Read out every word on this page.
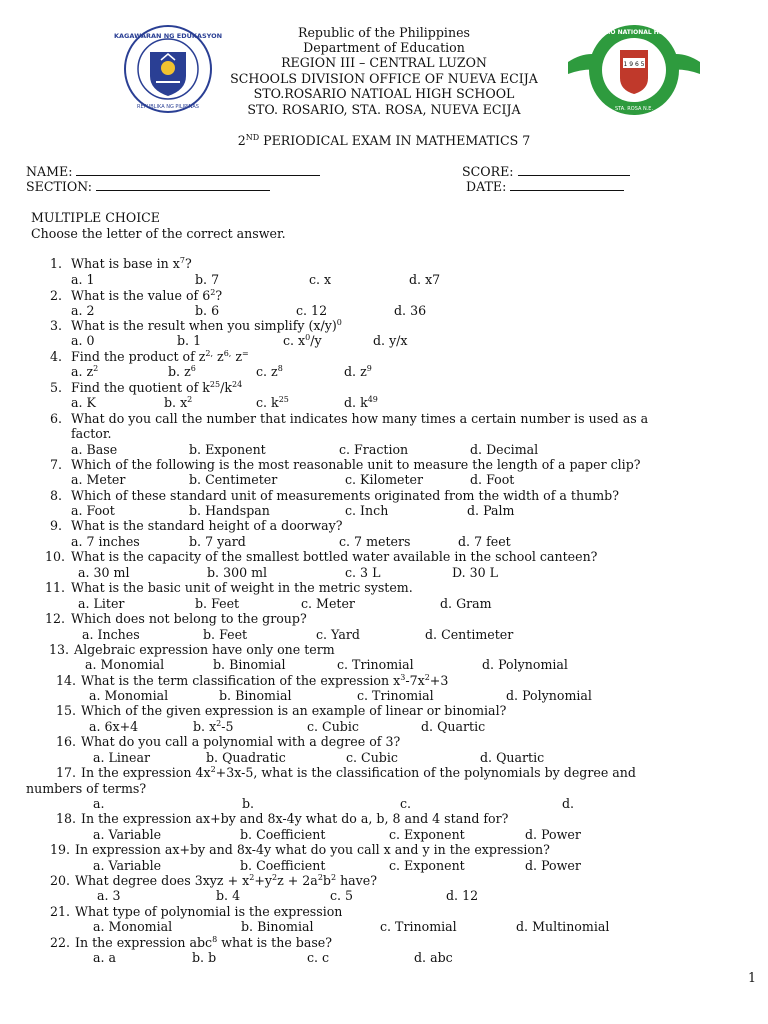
KAGAWARAN NG EDUKASYON
REPUBLIKA NG PILIPINAS
1 9 6 5
STO. ROSARIO NATIONAL HIGH SCHOOL
STA. ROSA N.E.
Republic of the Philippines
Department of Education
REGION III – CENTRAL LUZON
SCHOOLS DIVISION OFFICE OF NUEVA ECIJA
STO.ROSARIO NATIOAL HIGH SCHOOL
STO. ROSARIO, STA. ROSA, NUEVA ECIJA
2ND PERIODICAL EXAM IN MATHEMATICS 7
NAME:	SCORE:
SECTION:	DATE:
MULTIPLE CHOICE
Choose the letter of the correct answer.
1. What is base in $x^7$?
a. 1	b. 7	c. x	d. x7
2. What is the value of $6^2$?
a. 2	b. 6	c. 12	d. 36
3. What is the result when you simplify $(x/y)^0$
a. 0	b. 1	c. $x^0/y$	d. y/x
4. Find the product of $z^{2,}$ $z^{6,}$ z=
a. $z^2$	b. $z^6$	c. $z^8$	d. $z^9$
5. Find the quotient of $k^{25}/k^{24}$
a. K	b. $x^2$	c. $k^{25}$	d. $k^{49}$
6. What do you call the number that indicates how many times a certain number is used as a
factor.
a. Base	b. Exponent	c. Fraction	d. Decimal
7. Which of the following is the most reasonable unit to measure the length of a paper clip?
a. Meter	b. Centimeter	c. Kilometer	d. Foot
8. Which of these standard unit of measurements originated from the width of a thumb?
a. Foot	b. Handspan	c. Inch	d. Palm
9. What is the standard height of a doorway?
a. 7 inches	b. 7 yard	c. 7 meters	d. 7 feet
10. What is the capacity of the smallest bottled water available in the school canteen?
a. 30 ml	b. 300 ml	c. 3 L	D. 30 L
11. What is the basic unit of weight in the metric system.
a. Liter	b. Feet	c. Meter	d. Gram
12. Which does not belong to the group?
a. Inches	b. Feet	c. Yard	d. Centimeter
13. Algebraic expression have only one term
a. Monomial	b. Binomial	c. Trinomial	d. Polynomial
14. What is the term classification of the expression $x^3-7x^2+3$
a. Monomial	b. Binomial	c. Trinomial	d. Polynomial
15. Which of the given expression is an example of linear or binomial?
a. 6x+4	b. $x^2-5$	c. Cubic	d. Quartic
16. What do you call a polynomial with a degree of 3?
a. Linear	b. Quadratic	c. Cubic	d. Quartic
17. In the expression $4x^2+3x-5$, what is the classification of the polynomials by degree and
numbers of terms?
a.	b.	c.	d.
18. In the expression ax+by and 8x-4y what do a, b, 8 and 4 stand for?
a. Variable	b. Coefficient	c. Exponent	d. Power
19. In expression ax+by and 8x-4y what do you call x and y in the expression?
a. Variable	b. Coefficient	c. Exponent	d. Power
20. What degree does $3xyz + x^2+y^2z + 2a^2b^2$ have?
a. 3	b. 4	c. 5	d. 12
21. What type of polynomial is the expression
a. Monomial	b. Binomial	c. Trinomial	d. Multinomial
22. In the expression abc$^8$ what is the base?
a. a	b. b	c. c	d. abc
1
